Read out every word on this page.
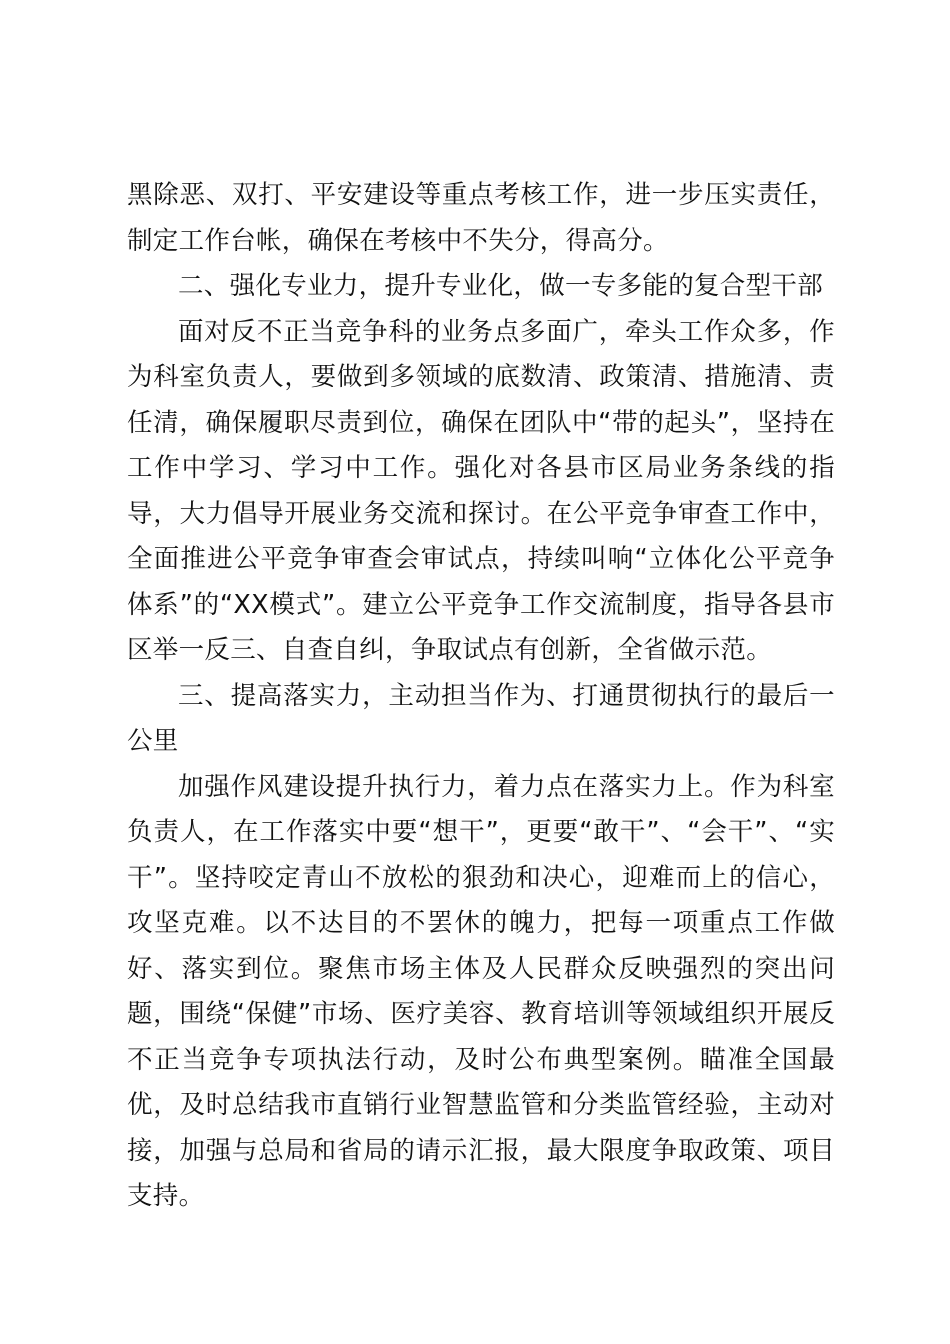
黑除恶、双打、平安建设等重点考核工作，进一步压实责任，制定工作台帐，确保在考核中不失分，得高分。

二、强化专业力，提升专业化，做一专多能的复合型干部

面对反不正当竞争科的业务点多面广，牵头工作众多，作为科室负责人，要做到多领域的底数清、政策清、措施清、责任清，确保履职尽责到位，确保在团队中“带的起头”，坚持在工作中学习、学习中工作。强化对各县市区局业务条线的指导，大力倡导开展业务交流和探讨。在公平竞争审查工作中，全面推进公平竞争审查会审试点，持续叫响“立体化公平竞争体系”的“XX模式”。建立公平竞争工作交流制度，指导各县市区举一反三、自查自纠，争取试点有创新，全省做示范。

三、提高落实力，主动担当作为、打通贯彻执行的最后一公里

加强作风建设提升执行力，着力点在落实力上。作为科室负责人，在工作落实中要“想干”，更要“敢干”、“会干”、“实干”。坚持咬定青山不放松的狠劲和决心，迎难而上的信心，攻坚克难。以不达目的不罢休的魄力，把每一项重点工作做好、落实到位。聚焦市场主体及人民群众反映强烈的突出问题，围绕“保健”市场、医疗美容、教育培训等领域组织开展反不正当竞争专项执法行动，及时公布典型案例。瞄准全国最优，及时总结我市直销行业智慧监管和分类监管经验，主动对接，加强与总局和省局的请示汇报，最大限度争取政策、项目支持。
